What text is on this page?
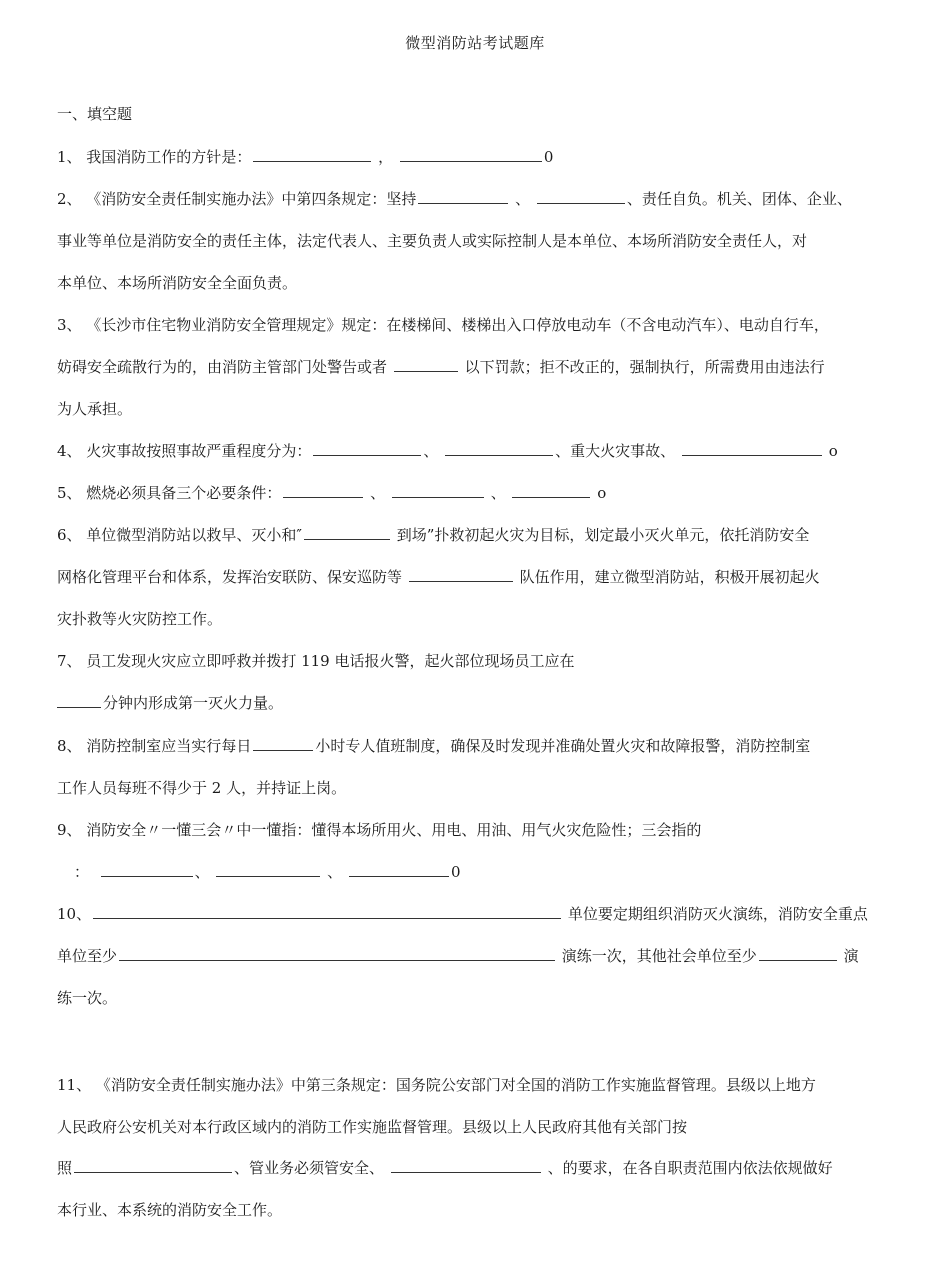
微型消防站考试题库
一、填空题
1、 我国消防工作的方针是：	，	0
2、 《消防安全责任制实施办法》中第四条规定：坚持	、	、责任自负。机关、团体、企业、
事业等单位是消防安全的责任主体，法定代表人、主要负责人或实际控制人是本单位、本场所消防安全责任人，对
本单位、本场所消防安全全面负责。
3、 《长沙市住宅物业消防安全管理规定》规定：在楼梯间、楼梯出入口停放电动车（不含电动汽车）、电动自行车，
妨碍安全疏散行为的，由消防主管部门处警告或者	以下罚款；拒不改正的，强制执行，所需费用由违法行
为人承担。
4、 火灾事故按照事故严重程度分为：	、	、重大火灾事故、	o
5、 燃烧必须具备三个必要条件：	、	、	o
6、 单位微型消防站以救早、灭小和″	到场”扑救初起火灾为目标，划定最小灭火单元，依托消防安全
网格化管理平台和体系，发挥治安联防、保安巡防等	队伍作用，建立微型消防站，积极开展初起火
灾扑救等火灾防控工作。
7、 员工发现火灾应立即呼救并拨打 119 电话报火警，起火部位现场员工应在
分钟内形成第一灭火力量。
8、 消防控制室应当实行每日	小时专人值班制度，确保及时发现并准确处置火灾和故障报警，消防控制室
工作人员每班不得少于 2 人，并持证上岗。
9、 消防安全〃一懂三会〃中一懂指：懂得本场所用火、用电、用油、用气火灾危险性；三会指的
：	、	、	0
10、	单位要定期组织消防灭火演练，消防安全重点
单位至少	演练一次，其他社会单位至少	演
练一次。
11、 《消防安全责任制实施办法》中第三条规定：国务院公安部门对全国的消防工作实施监督管理。县级以上地方
人民政府公安机关对本行政区域内的消防工作实施监督管理。县级以上人民政府其他有关部门按
照	、管业务必须管安全、	、的要求，在各自职责范围内依法依规做好
本行业、本系统的消防安全工作。
